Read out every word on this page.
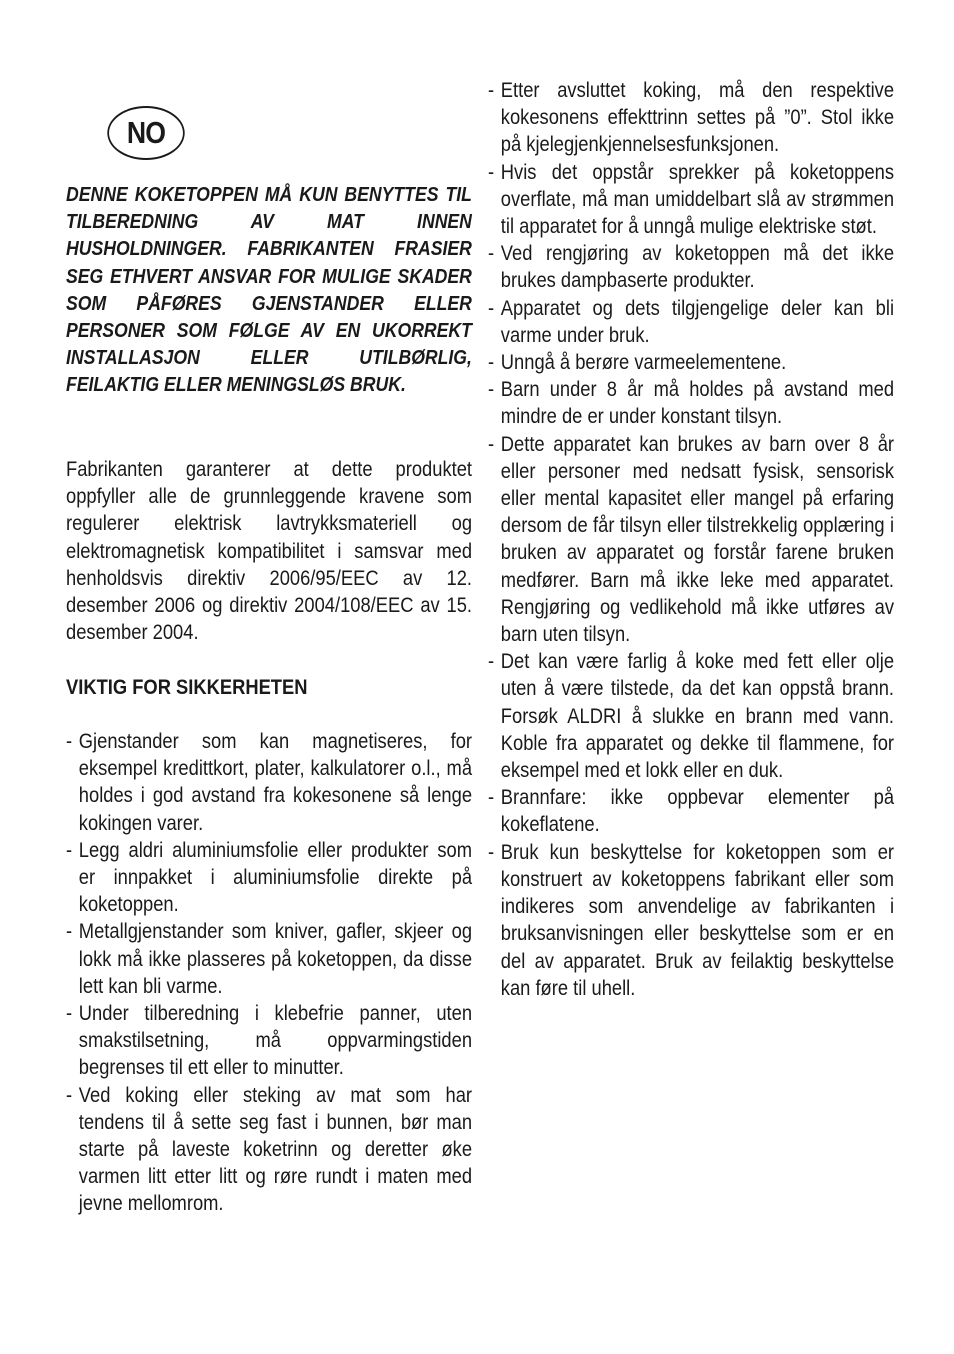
NO

DENNE KOKETOPPEN MÅ KUN BENYTTES TIL TILBEREDNING AV MAT INNEN HUSHOLDNINGER. FABRIKANTEN FRASIER SEG ETHVERT ANSVAR FOR MULIGE SKADER SOM PÅFØRES GJENSTANDER ELLER PERSONER SOM FØLGE AV EN UKORREKT INSTALLASJON ELLER UTILBØRLIG, FEILAKTIG ELLER MENINGSLØS BRUK.

Fabrikanten garanterer at dette produktet oppfyller alle de grunnleggende kravene som regulerer elektrisk lavtrykksmateriell og elektromagnetisk kompatibilitet i samsvar med henholdsvis direktiv 2006/95/EEC av 12. desember 2006 og direktiv 2004/108/EEC av 15. desember 2004.

VIKTIG FOR SIKKERHETEN
- Gjenstander som kan magnetiseres, for eksempel kredittkort, plater, kalkulatorer o.l., må holdes i god avstand fra kokesonene så lenge kokingen varer.
- Legg aldri aluminiumsfolie eller produkter som er innpakket i aluminiumsfolie direkte på koketoppen.
- Metallgjenstander som kniver, gafler, skjeer og lokk må ikke plasseres på koketoppen, da disse lett kan bli varme.
- Under tilberedning i klebefrie panner, uten smakstilsetning, må oppvarmingstiden begrenses til ett eller to minutter.
- Ved koking eller steking av mat som har tendens til å sette seg fast i bunnen, bør man starte på laveste koketrinn og deretter øke varmen litt etter litt og røre rundt i maten med jevne mellomrom.
- Etter avsluttet koking, må den respektive kokesonens effekttrinn settes på ”0”. Stol ikke på kjelegjenkjennelsesfunksjonen.
- Hvis det oppstår sprekker på koketoppens overflate, må man umiddelbart slå av strømmen til apparatet for å unngå mulige elektriske støt.
- Ved rengjøring av koketoppen må det ikke brukes dampbaserte produkter.
- Apparatet og dets tilgjengelige deler kan bli varme under bruk.
- Unngå å berøre varmeelementene.
- Barn under 8 år må holdes på avstand med mindre de er under konstant tilsyn.
- Dette apparatet kan brukes av barn over 8 år eller personer med nedsatt fysisk, sensorisk eller mental kapasitet eller mangel på erfaring dersom de får tilsyn eller tilstrekkelig opplæring i bruken av apparatet og forstår farene bruken medfører. Barn må ikke leke med apparatet. Rengjøring og vedlikehold må ikke utføres av barn uten tilsyn.
- Det kan være farlig å koke med fett eller olje uten å være tilstede, da det kan oppstå brann. Forsøk ALDRI å slukke en brann med vann. Koble fra apparatet og dekke til flammene, for eksempel med et lokk eller en duk.
- Brannfare: ikke oppbevar elementer på kokeflatene.
- Bruk kun beskyttelse for koketoppen som er konstruert av koketoppens fabrikant eller som indikeres som anvendelige av fabrikanten i bruksanvisningen eller beskyttelse som er en del av apparatet. Bruk av feilaktig beskyttelse kan føre til uhell.
